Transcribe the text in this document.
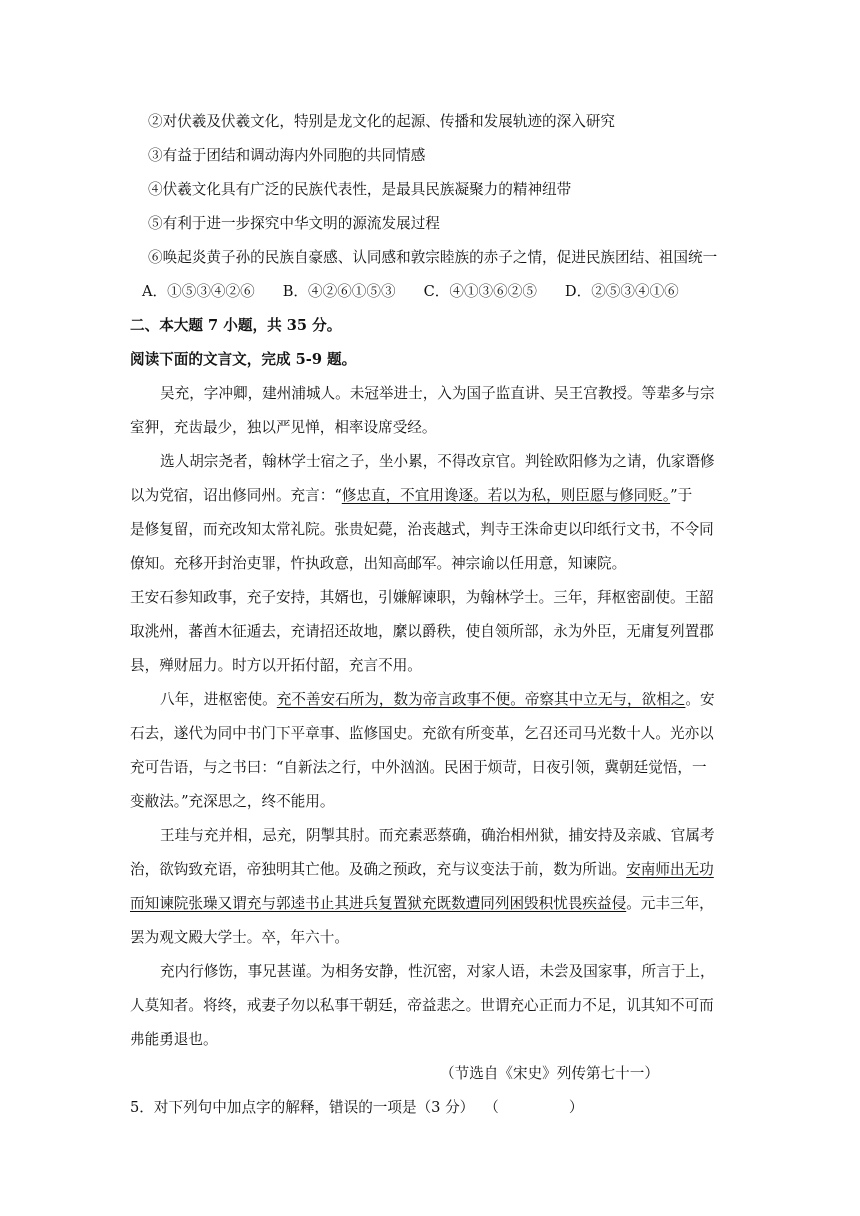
②对伏羲及伏羲文化，特别是龙文化的起源、传播和发展轨迹的深入研究
③有益于团结和调动海内外同胞的共同情感
④伏羲文化具有广泛的民族代表性，是最具民族凝聚力的精神纽带
⑤有利于进一步探究中华文明的源流发展过程
⑥唤起炎黄子孙的民族自豪感、认同感和敦宗睦族的赤子之情，促进民族团结、祖国统一
A．①⑤③④②⑥ B．④②⑥①⑤③ C．④①③⑥②⑤ D．②⑤③④①⑥
二、本大题 7 小题，共 35 分。
阅读下面的文言文，完成 5-9 题。
吴充，字冲卿，建州浦城人。未冠举进士，入为国子监直讲、吴王宫教授。等辈多与宗
室狎，充齿最少，独以严见惮，相率设席受经。
选人胡宗尧者，翰林学士宿之子，坐小累，不得改京官。判铨欧阳修为之请，仇家谮修
以为党宿，诏出修同州。充言：“修忠直，不宜用谗逐。若以为私，则臣愿与修同贬。”于
是修复留，而充改知太常礼院。张贵妃薨，治丧越式，判寺王洙命吏以印纸行文书，不令同
僚知。充移开封治吏罪，忤执政意，出知高邮军。神宗谕以任用意，知谏院。
王安石参知政事，充子安持，其婿也，引嫌解谏职，为翰林学士。三年，拜枢密副使。王韶
取洮州，蕃酋木征遁去，充请招还故地，縻以爵秩，使自领所部，永为外臣，无庸复列置郡
县，殚财屈力。时方以开拓付韶，充言不用。
八年，进枢密使。充不善安石所为，数为帝言政事不便。帝察其中立无与，欲相之。安
石去，遂代为同中书门下平章事、监修国史。充欲有所变革，乞召还司马光数十人。光亦以
充可告语，与之书曰：“自新法之行，中外汹汹。民困于烦苛，日夜引领，冀朝廷觉悟，一
变敝法。”充深思之，终不能用。
王珪与充并相，忌充，阴掣其肘。而充素恶蔡确，确治相州狱，捕安持及亲戚、官属考
治，欲钩致充语，帝独明其亡他。及确之预政，充与议变法于前，数为所诎。安南师出无功
而知谏院张璪又谓充与郭逵书止其进兵复置狱充既数遭同列困毁积忧畏疾益侵。元丰三年，
罢为观文殿大学士。卒，年六十。
充内行修饬，事兄甚谨。为相务安静，性沉密，对家人语，未尝及国家事，所言于上，
人莫知者。将终，戒妻子勿以私事干朝廷，帝益悲之。世谓充心正而力不足，讥其知不可而
弗能勇退也。
（节选自《宋史》列传第七十一）
5．对下列句中加点字的解释，错误的一项是（3 分） （	）
